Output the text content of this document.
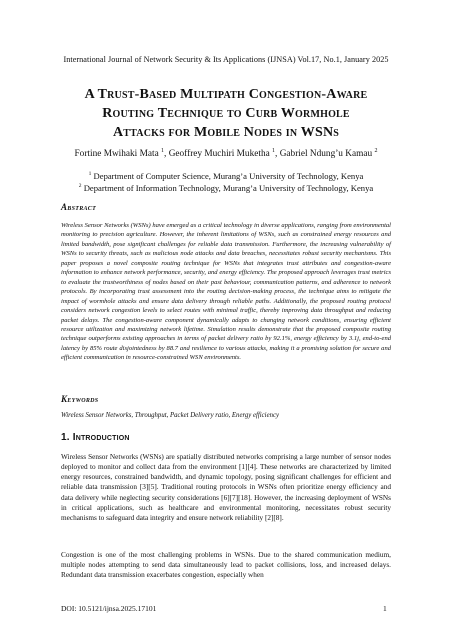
International Journal of Network Security & Its Applications (IJNSA) Vol.17, No.1, January 2025
A Trust-Based Multipath Congestion-Aware
Routing Technique to Curb Wormhole
Attacks for Mobile Nodes in WSNs
Fortine Mwihaki Mata $^1$, Geoffrey Muchiri Muketha $^1$, Gabriel Ndung’u Kamau $^2$
$^1$ Department of Computer Science, Murang’a University of Technology, Kenya
$^2$ Department of Information Technology, Murang’a University of Technology, Kenya
Abstract
Wireless Sensor Networks (WSNs) have emerged as a critical technology in diverse applications, ranging from environmental monitoring to precision agriculture. However, the inherent limitations of WSNs, such as constrained energy resources and limited bandwidth, pose significant challenges for reliable data transmission. Furthermore, the increasing vulnerability of WSNs to security threats, such as malicious node attacks and data breaches, necessitates robust security mechanisms. This paper proposes a novel composite routing technique for WSNs that integrates trust attributes and congestion-aware information to enhance network performance, security, and energy efficiency. The proposed approach leverages trust metrics to evaluate the trustworthiness of nodes based on their past behaviour, communication patterns, and adherence to network protocols. By incorporating trust assessment into the routing decision-making process, the technique aims to mitigate the impact of wormhole attacks and ensure data delivery through reliable paths. Additionally, the proposed routing protocol considers network congestion levels to select routes with minimal traffic, thereby improving data throughput and reducing packet delays. The congestion-aware component dynamically adapts to changing network conditions, ensuring efficient resource utilization and maximizing network lifetime. Simulation results demonstrate that the proposed composite routing technique outperforms existing approaches in terms of packet delivery ratio by 92.1%, energy efficiency by 3.1j, end-to-end latency by 85% route disjointedness by 88.7 and resilience to various attacks, making it a promising solution for secure and efficient communication in resource-constrained WSN environments.
Keywords
Wireless Sensor Networks, Throughput, Packet Delivery ratio, Energy efficiency
1. Introduction
Wireless Sensor Networks (WSNs) are spatially distributed networks comprising a large number of sensor nodes deployed to monitor and collect data from the environment [1][4]. These networks are characterized by limited energy resources, constrained bandwidth, and dynamic topology, posing significant challenges for efficient and reliable data transmission [3][5]. Traditional routing protocols in WSNs often prioritize energy efficiency and data delivery while neglecting security considerations [6][7][18]. However, the increasing deployment of WSNs in critical applications, such as healthcare and environmental monitoring, necessitates robust security mechanisms to safeguard data integrity and ensure network reliability [2][8].
Congestion is one of the most challenging problems in WSNs. Due to the shared communication medium, multiple nodes attempting to send data simultaneously lead to packet collisions, loss, and increased delays. Redundant data transmission exacerbates congestion, especially when
DOI: 10.5121/ijnsa.2025.17101	1
